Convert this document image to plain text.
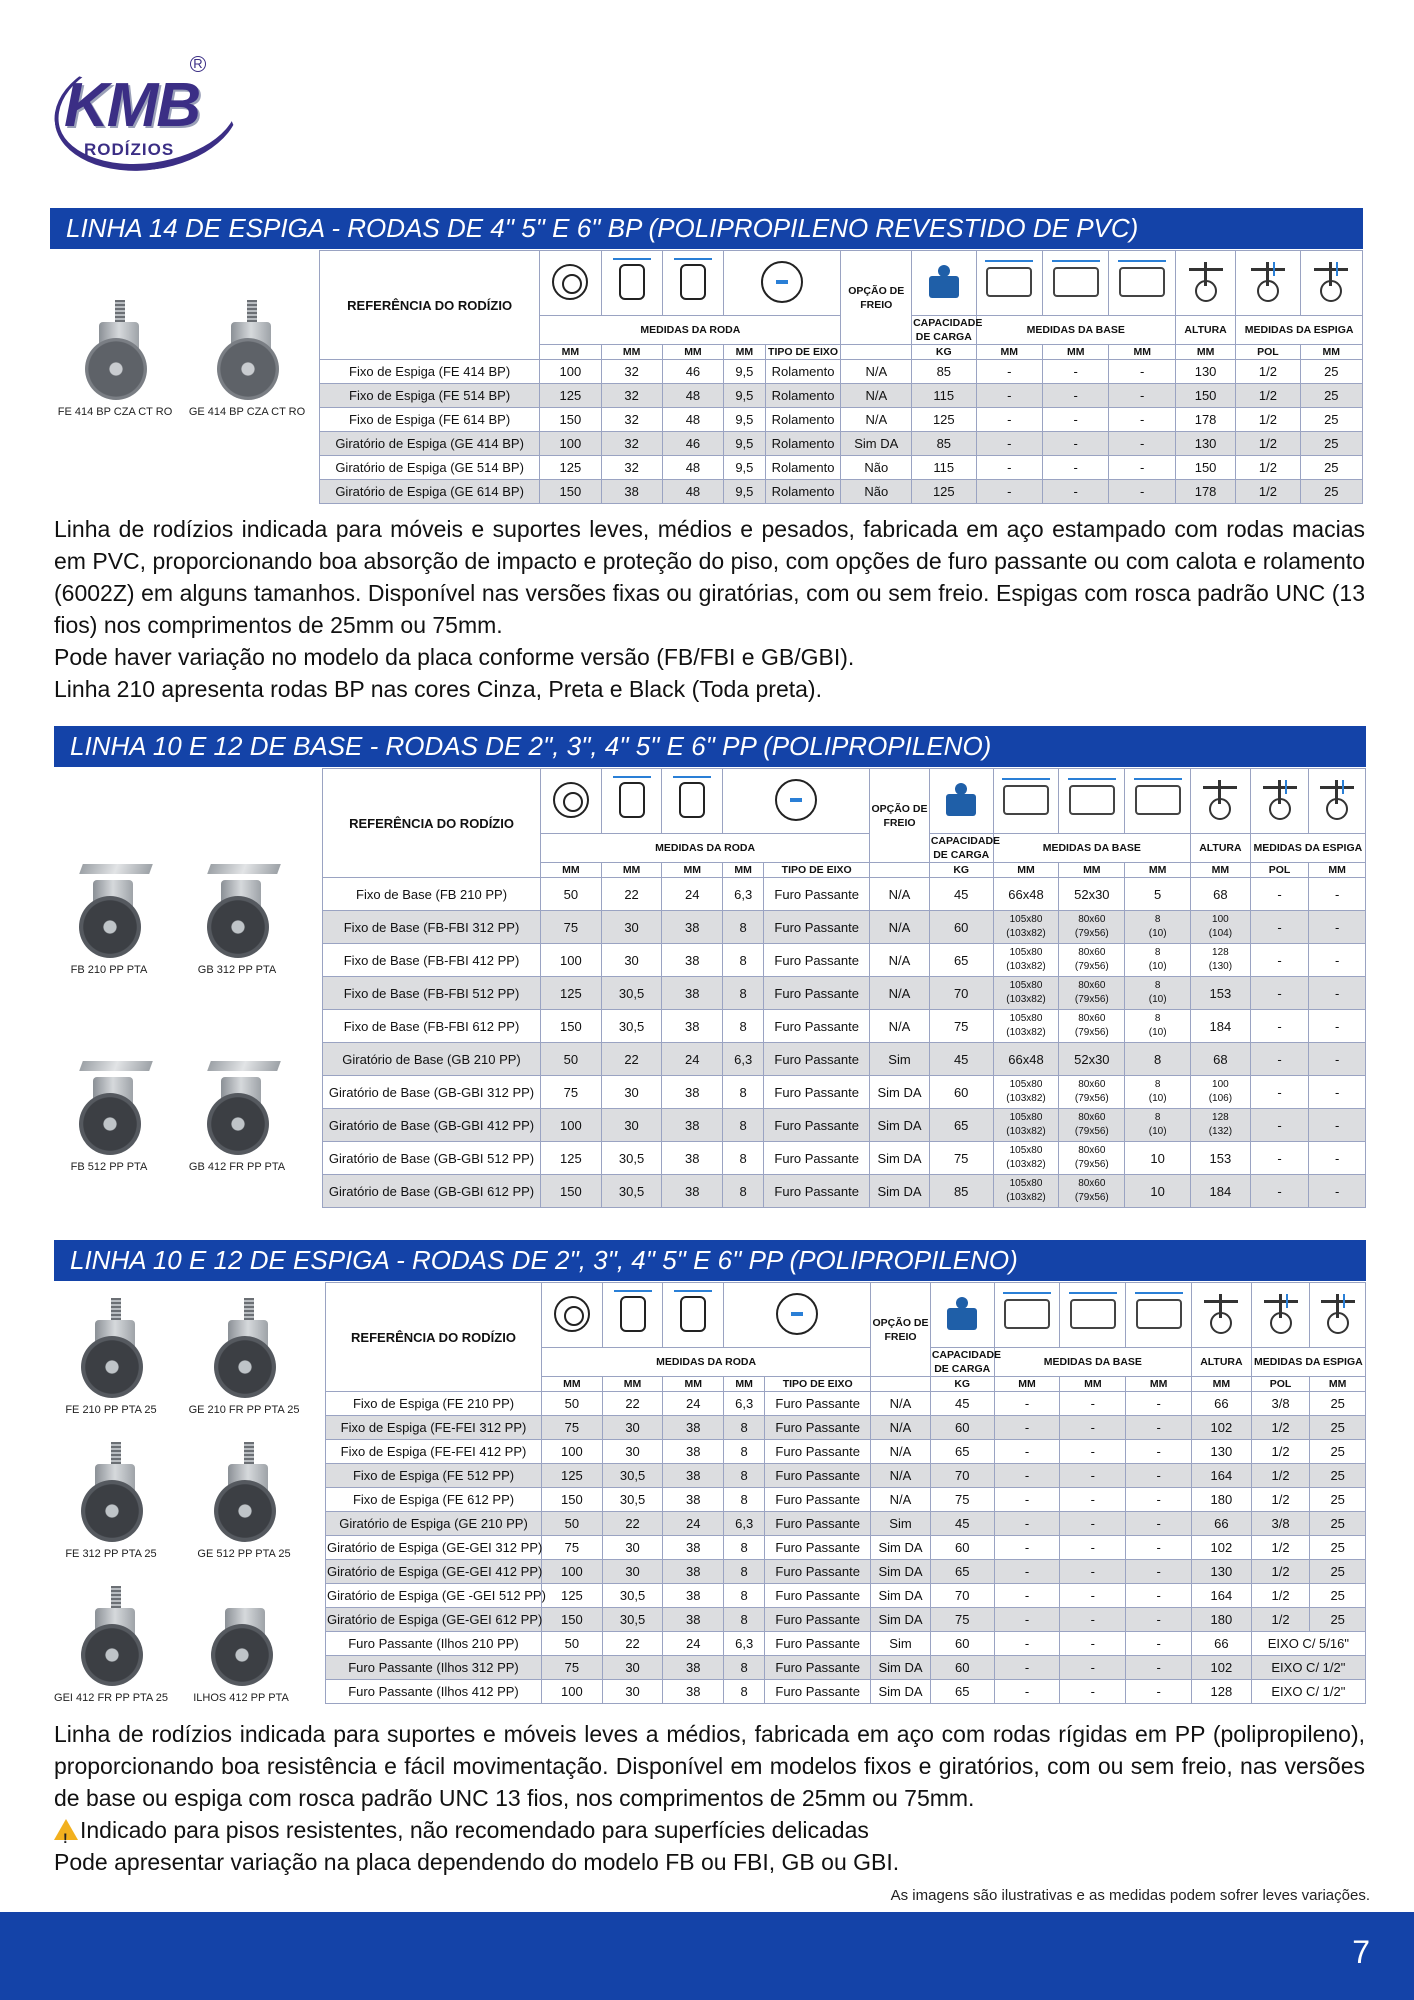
KMB
R
RODÍZIOS
LINHA 14 DE ESPIGA - RODAS DE 4" 5" E 6" BP (POLIPROPILENO REVESTIDO DE PVC)
FE 414 BP CZA CT RO	GE 414 BP CZA CT RO
REFERÊNCIA DO RODÍZIO						OPÇÃO DE FREIO					

	MEDIDAS DA RODA						CAPACIDADE DE CARGA	MEDIDAS DA BASE			ALTURA	MEDIDAS DA ESPIGA	
	MM	MM	MM	MM	TIPO DE EIXO		KG	MM	MM	MM	MM	POL	MM
Fixo de Espiga (FE 414 BP)	100	32	46	9,5	Rolamento	N/A	85	-	-	-	130	1/2	25
Fixo de Espiga (FE 514 BP)	125	32	48	9,5	Rolamento	N/A	115	-	-	-	150	1/2	25
Fixo de Espiga (FE 614 BP)	150	32	48	9,5	Rolamento	N/A	125	-	-	-	178	1/2	25
Giratório de Espiga (GE 414 BP)	100	32	46	9,5	Rolamento	Sim DA	85	-	-	-	130	1/2	25
Giratório de Espiga (GE 514 BP)	125	32	48	9,5	Rolamento	Não	115	-	-	-	150	1/2	25
Giratório de Espiga (GE 614 BP)	150	38	48	9,5	Rolamento	Não	125	-	-	-	178	1/2	25

Linha de rodízios indicada para móveis e suportes leves, médios e pesados, fabricada em aço estampado com rodas macias em PVC, proporcionando boa absorção de impacto e proteção do piso, com opções de furo passante ou com calota e rolamento (6002Z) em alguns tamanhos. Disponível nas versões fixas ou giratórias, com ou sem freio. Espigas com rosca padrão UNC (13 fios) nos comprimentos de 25mm ou 75mm.

Pode haver variação no modelo da placa conforme versão (FB/FBI e GB/GBI).

Linha 210 apresenta rodas BP nas cores Cinza, Preta e Black (Toda preta).

LINHA 10 E 12 DE BASE - RODAS DE 2", 3", 4" 5" E 6" PP (POLIPROPILENO)
FB 210 PP PTA	GB 312 PP PTA
FB 512 PP PTA	GB 412 FR PP PTA
REFERÊNCIA DO RODÍZIO						OPÇÃO DE FREIO					

	MEDIDAS DA RODA						CAPACIDADE DE CARGA	MEDIDAS DA BASE			ALTURA	MEDIDAS DA ESPIGA	
	MM	MM	MM	MM	TIPO DE EIXO		KG	MM	MM	MM	MM	POL	MM
Fixo de Base (FB 210 PP)	50	22	24	6,3	Furo Passante	N/A	45	66x48	52x30	5	68	-	-
Fixo de Base (FB-FBI 312 PP)	75	30	38	8	Furo Passante	N/A	60	105x80
(103x82)	80x60
(79x56)	8
(10)	100
(104)	-	-
Fixo de Base (FB-FBI 412 PP)	100	30	38	8	Furo Passante	N/A	65	105x80
(103x82)	80x60
(79x56)	8
(10)	128
(130)	-	-
Fixo de Base (FB-FBI 512 PP)	125	30,5	38	8	Furo Passante	N/A	70	105x80
(103x82)	80x60
(79x56)	8
(10)	153	-	-
Fixo de Base (FB-FBI 612 PP)	150	30,5	38	8	Furo Passante	N/A	75	105x80
(103x82)	80x60
(79x56)	8
(10)	184	-	-
Giratório de Base (GB 210 PP)	50	22	24	6,3	Furo Passante	Sim	45	66x48	52x30	8	68	-	-
Giratório de Base (GB-GBI 312 PP)	75	30	38	8	Furo Passante	Sim DA	60	105x80
(103x82)	80x60
(79x56)	8
(10)	100
(106)	-	-
Giratório de Base (GB-GBI 412 PP)	100	30	38	8	Furo Passante	Sim DA	65	105x80
(103x82)	80x60
(79x56)	8
(10)	128
(132)	-	-
Giratório de Base (GB-GBI 512 PP)	125	30,5	38	8	Furo Passante	Sim DA	75	105x80
(103x82)	80x60
(79x56)	10	153	-	-
Giratório de Base (GB-GBI 612 PP)	150	30,5	38	8	Furo Passante	Sim DA	85	105x80
(103x82)	80x60
(79x56)	10	184	-	-
LINHA 10 E 12 DE ESPIGA - RODAS DE 2", 3", 4" 5" E 6" PP (POLIPROPILENO)
FE 210 PP PTA 25	GE 210 FR PP PTA 25
FE 312 PP PTA 25	GE 512 PP PTA 25
GEI 412 FR PP PTA 25	ILHOS 412 PP PTA
REFERÊNCIA DO RODÍZIO						OPÇÃO DE FREIO					

	MEDIDAS DA RODA						CAPACIDADE DE CARGA	MEDIDAS DA BASE			ALTURA	MEDIDAS DA ESPIGA	
	MM	MM	MM	MM	TIPO DE EIXO		KG	MM	MM	MM	MM	POL	MM
Fixo de Espiga (FE 210 PP)	50	22	24	6,3	Furo Passante	N/A	45	-	-	-	66	3/8	25
Fixo de Espiga (FE-FEI 312 PP)	75	30	38	8	Furo Passante	N/A	60	-	-	-	102	1/2	25
Fixo de Espiga (FE-FEI 412 PP)	100	30	38	8	Furo Passante	N/A	65	-	-	-	130	1/2	25
Fixo de Espiga (FE 512 PP)	125	30,5	38	8	Furo Passante	N/A	70	-	-	-	164	1/2	25
Fixo de Espiga (FE 612 PP)	150	30,5	38	8	Furo Passante	N/A	75	-	-	-	180	1/2	25
Giratório de Espiga (GE 210 PP)	50	22	24	6,3	Furo Passante	Sim	45	-	-	-	66	3/8	25
Giratório de Espiga (GE-GEI 312 PP)	75	30	38	8	Furo Passante	Sim DA	60	-	-	-	102	1/2	25
Giratório de Espiga (GE-GEI 412 PP)	100	30	38	8	Furo Passante	Sim DA	65	-	-	-	130	1/2	25
Giratório de Espiga (GE -GEI 512 PP)	125	30,5	38	8	Furo Passante	Sim DA	70	-	-	-	164	1/2	25
Giratório de Espiga (GE-GEI 612 PP)	150	30,5	38	8	Furo Passante	Sim DA	75	-	-	-	180	1/2	25
Furo Passante (Ilhos 210 PP)	50	22	24	6,3	Furo Passante	Sim	60	-	-	-	66	EIXO C/ 5/16"	
Furo Passante (Ilhos 312 PP)	75	30	38	8	Furo Passante	Sim DA	60	-	-	-	102	EIXO C/ 1/2"	
Furo Passante (Ilhos 412 PP)	100	30	38	8	Furo Passante	Sim DA	65	-	-	-	128	EIXO C/ 1/2"	

Linha de rodízios indicada para suportes e móveis leves a médios, fabricada em aço com rodas rígidas em PP (polipropileno), proporcionando boa resistência e fácil movimentação. Disponível em modelos fixos e giratórios, com ou sem freio, nas versões de base ou espiga com rosca padrão UNC 13 fios, nos comprimentos de 25mm ou 75mm.

!Indicado para pisos resistentes, não recomendado para superfícies delicadas

Pode apresentar variação na placa dependendo do modelo FB ou FBI, GB ou GBI.

As imagens são ilustrativas e as medidas podem sofrer leves variações.
7
